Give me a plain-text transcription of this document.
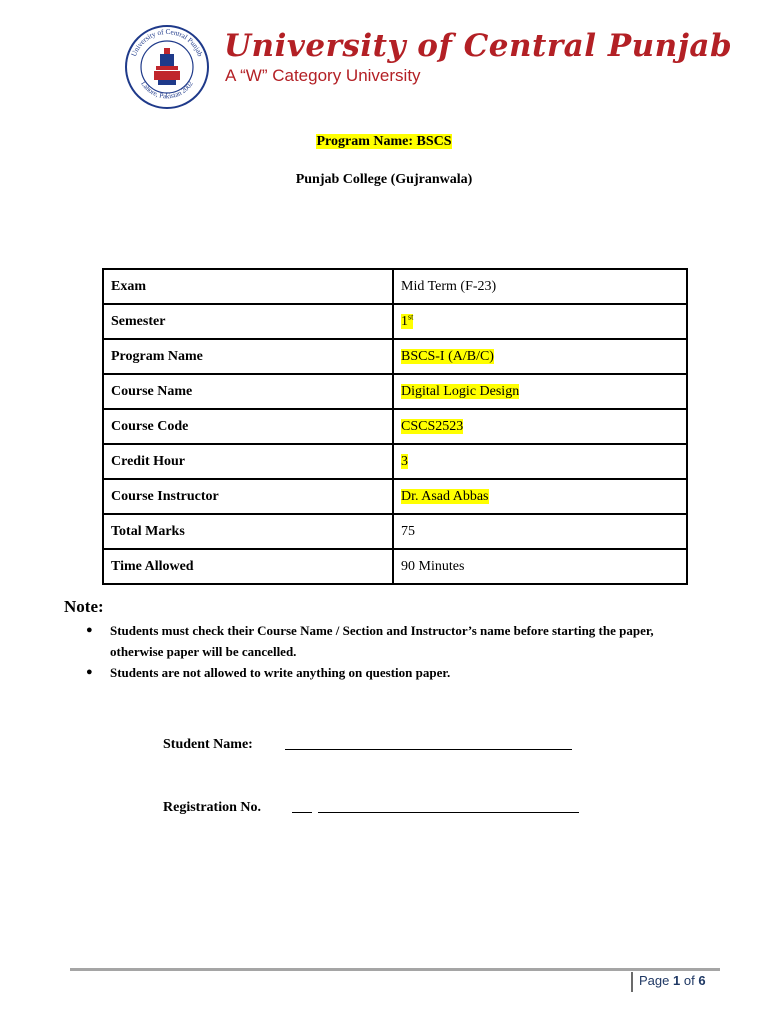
University of Central Punjab
Lahore, Pakistan 2002
University of Central Punjab
A “W” Category University
Program Name: BSCS
Punjab College (Gujranwala)
Exam	Mid Term (F-23)
Semester	1st
Program Name	BSCS-I (A/B/C)
Course Name	Digital Logic Design
Course Code	CSCS2523
Credit Hour	3
Course Instructor	Dr. Asad Abbas
Total Marks	75
Time Allowed	90 Minutes
Note:
● Students must check their Course Name / Section and Instructor’s name before starting the paper, otherwise paper will be cancelled.
● Students are not allowed to write anything on question paper.
Student Name:
Registration No.
Page 1 of 6
